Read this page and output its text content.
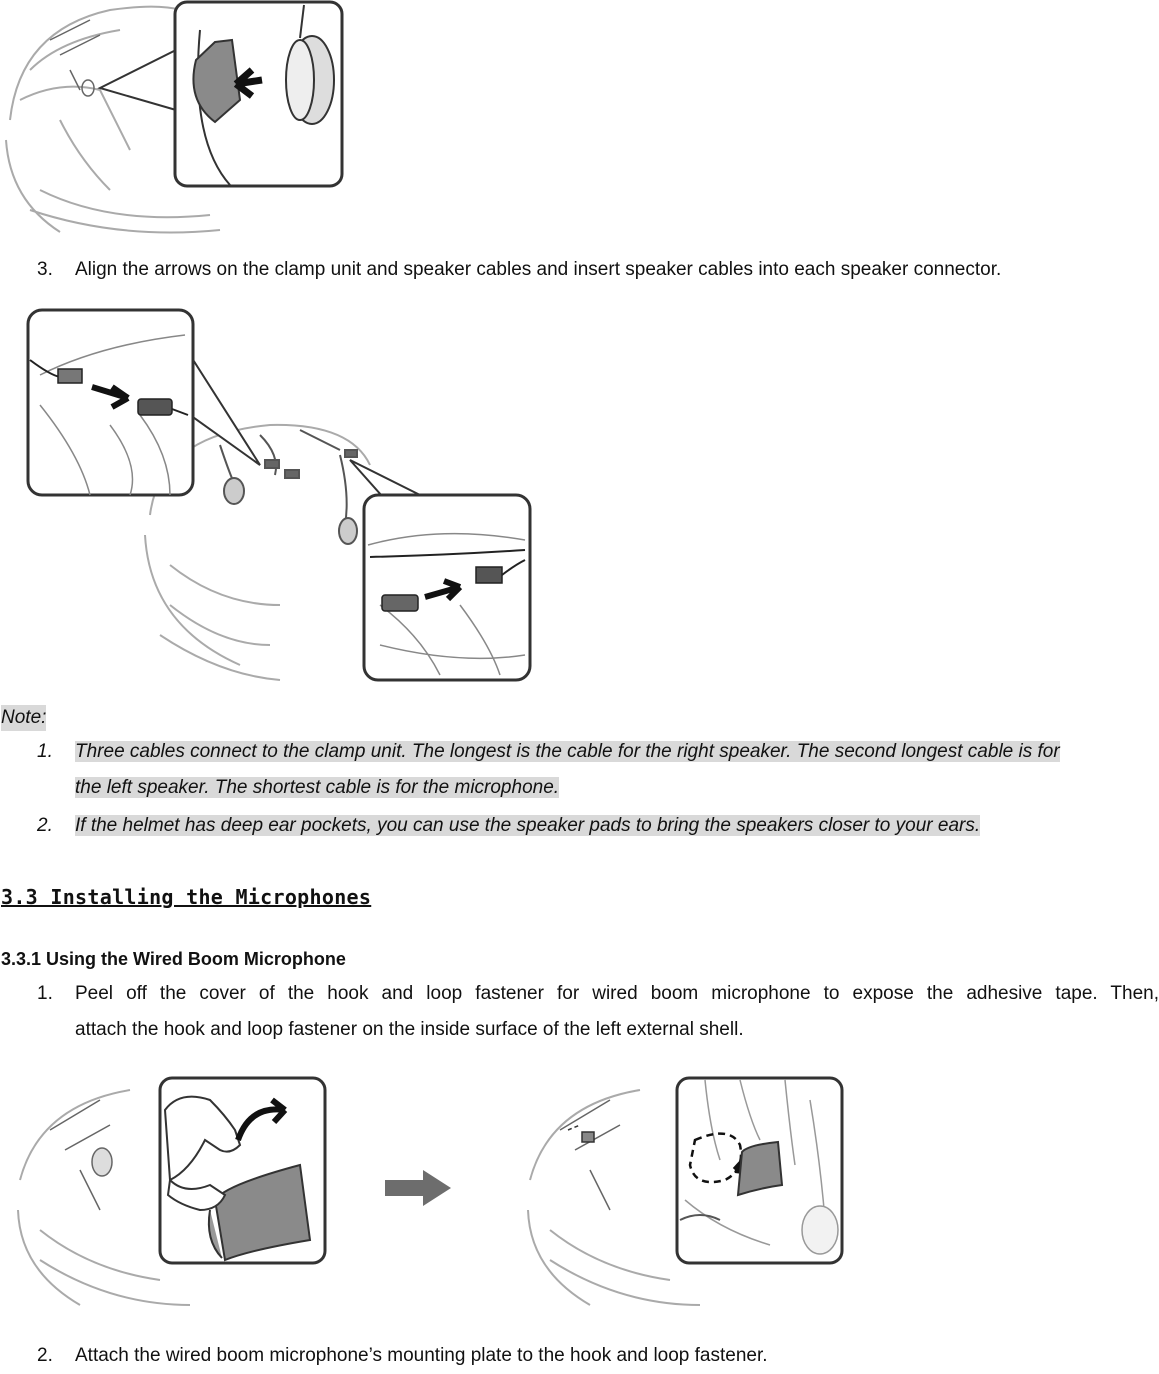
3.	Align the arrows on the clamp unit and speaker cables and insert speaker cables into each speaker connector.
Note:
1. Three cables connect to the clamp unit. The longest is the cable for the right speaker. The second longest cable is for
the left speaker. The shortest cable is for the microphone.
2. If the helmet has deep ear pockets, you can use the speaker pads to bring the speakers closer to your ears.
3.3 Installing the Microphones
3.3.1 Using the Wired Boom Microphone
1.	Peel off the cover of the hook and loop fastener for wired boom microphone to expose the adhesive tape. Then,
attach the hook and loop fastener on the inside surface of the left external shell.
2.	Attach the wired boom microphone’s mounting plate to the hook and loop fastener.
